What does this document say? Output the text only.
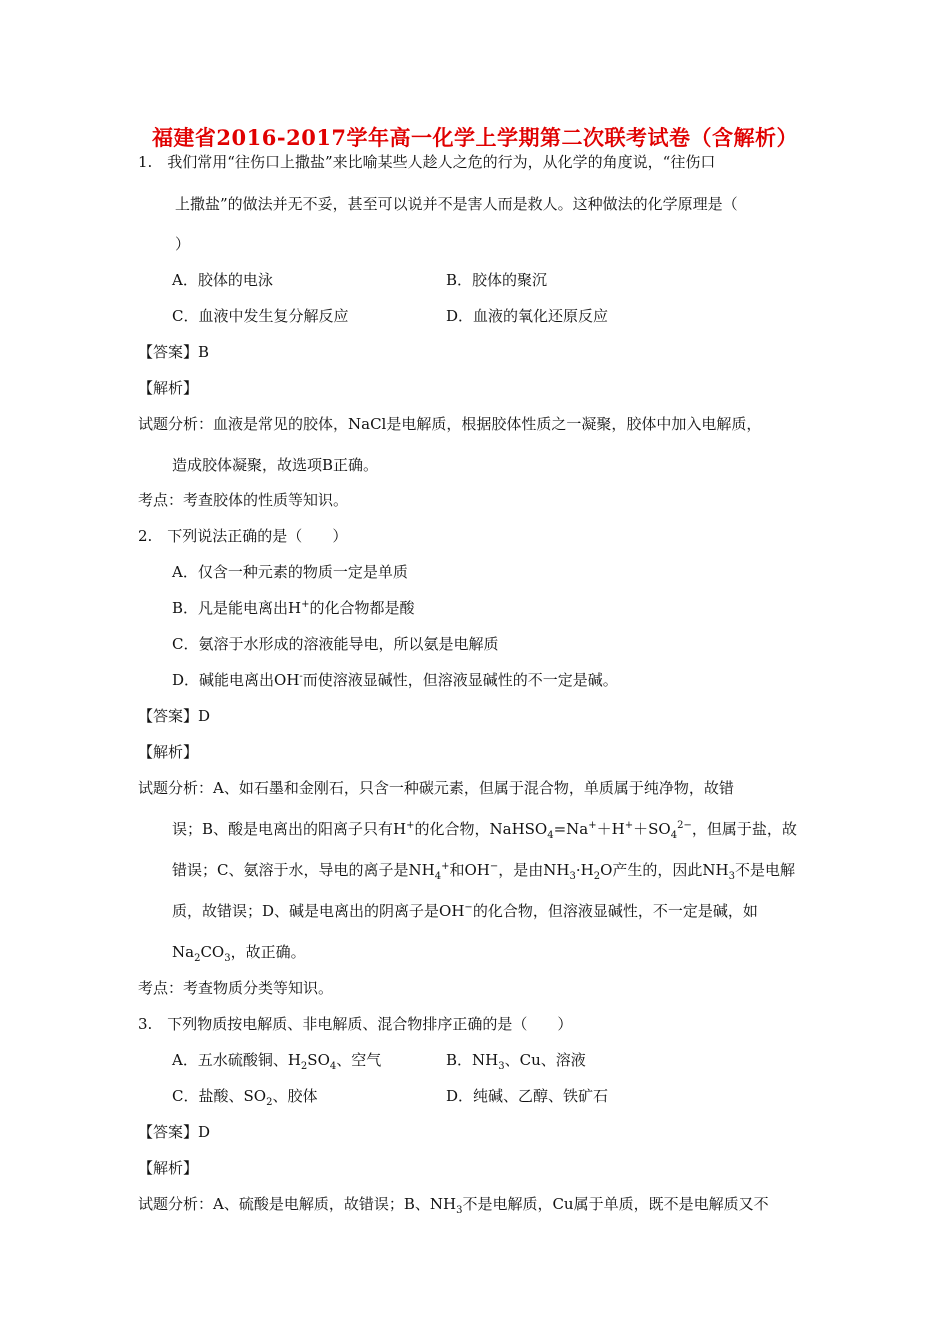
福建省2016-2017学年高一化学上学期第二次联考试卷（含解析）
1.　我们常用“往伤口上撒盐”来比喻某些人趁人之危的行为，从化学的角度说，“往伤口
上撒盐”的做法并无不妥，甚至可以说并不是害人而是救人。这种做法的化学原理是（
）
A．胶体的电泳	B．胶体的聚沉
C．血液中发生复分解反应	D．血液的氧化还原反应
【答案】B
【解析】
试题分析：血液是常见的胶体，NaCl是电解质，根据胶体性质之一凝聚，胶体中加入电解质，
造成胶体凝聚，故选项B正确。
考点：考查胶体的性质等知识。
2.　下列说法正确的是（　　）
A．仅含一种元素的物质一定是单质
B．凡是能电离出H+的化合物都是酸
C．氨溶于水形成的溶液能导电，所以氨是电解质
D．碱能电离出OH-而使溶液显碱性，但溶液显碱性的不一定是碱。
【答案】D
【解析】
试题分析：A、如石墨和金刚石，只含一种碳元素，但属于混合物，单质属于纯净物，故错
误；B、酸是电离出的阳离子只有H+的化合物，$NaHSO_4=Na^++H^++SO_4^{2-}$，但属于盐，故
错误；C、氨溶于水，导电的离子是$NH_4^+$和OH−，是由$NH_3\cdot H_2O$产生的，因此$NH_3$不是电解
质，故错误；D、碱是电离出的阴离子是OH−的化合物，但溶液显碱性，不一定是碱，如
$Na_2CO_3$，故正确。
考点：考查物质分类等知识。
3.　下列物质按电解质、非电解质、混合物排序正确的是（　　）
A．五水硫酸铜、$H_2SO_4$、空气	B．$NH_3$、Cu、溶液
C．盐酸、$SO_2$、胶体	D．纯碱、乙醇、铁矿石
【答案】D
【解析】
试题分析：A、硫酸是电解质，故错误；B、$NH_3$不是电解质，Cu属于单质，既不是电解质又不
